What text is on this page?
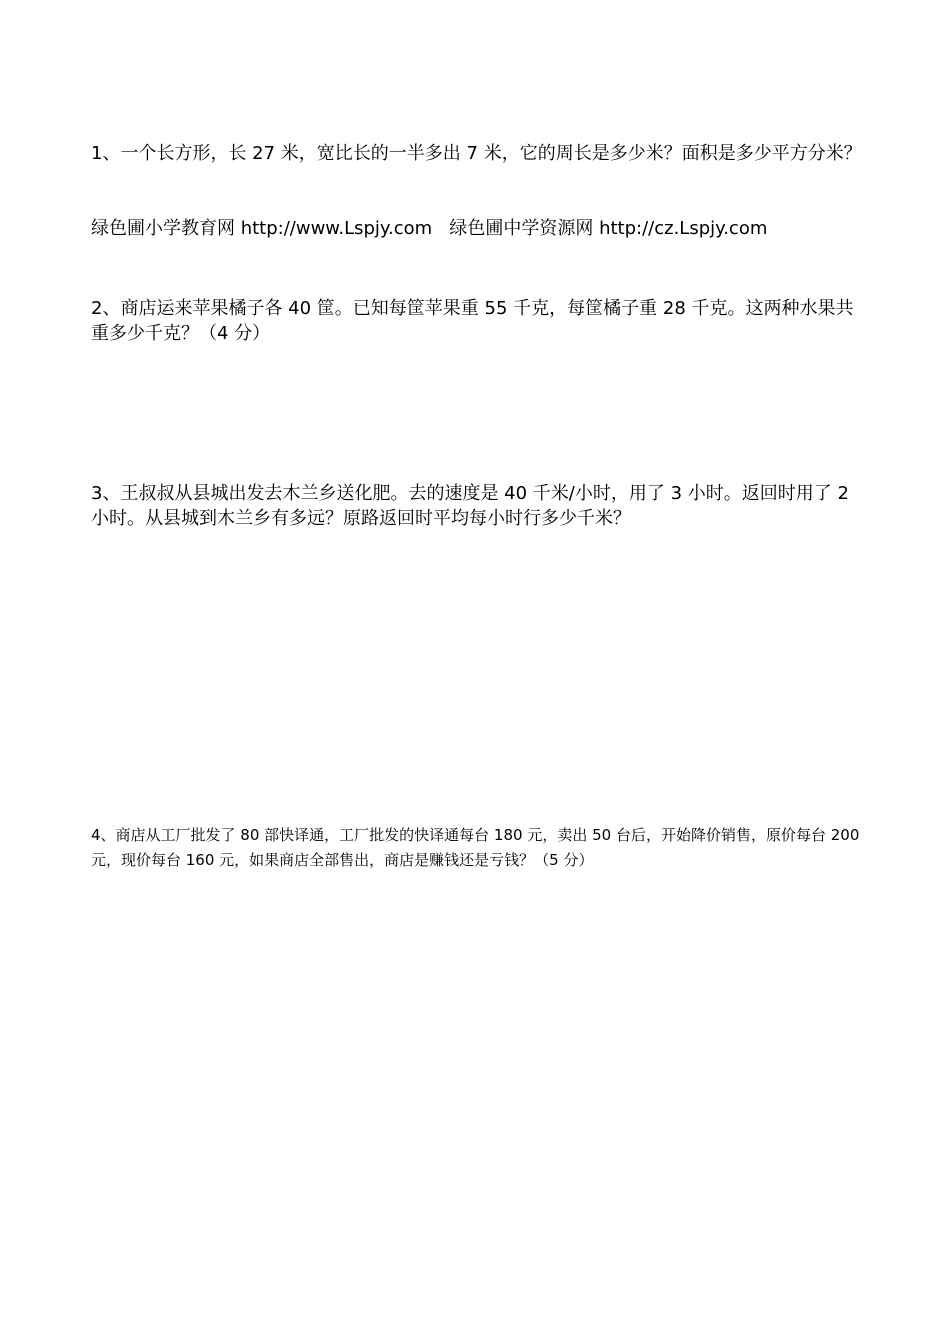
1、一个长方形，长 27 米，宽比长的一半多出 7 米，它的周长是多少米？面积是多少平方分米？

绿色圃小学教育网 http://www.Lspjy.com 绿色圃中学资源网 http://cz.Lspjy.com

2、商店运来苹果橘子各 40 筐。已知每筐苹果重 55 千克，每筐橘子重 28 千克。这两种水果共重多少千克？（4 分）

3、王叔叔从县城出发去木兰乡送化肥。去的速度是 40 千米/小时，用了 3 小时。返回时用了 2 小时。从县城到木兰乡有多远？原路返回时平均每小时行多少千米？

4、商店从工厂批发了 80 部快译通，工厂批发的快译通每台 180 元，卖出 50 台后，开始降价销售，原价每台 200 元，现价每台 160 元，如果商店全部售出，商店是赚钱还是亏钱？（5 分）
